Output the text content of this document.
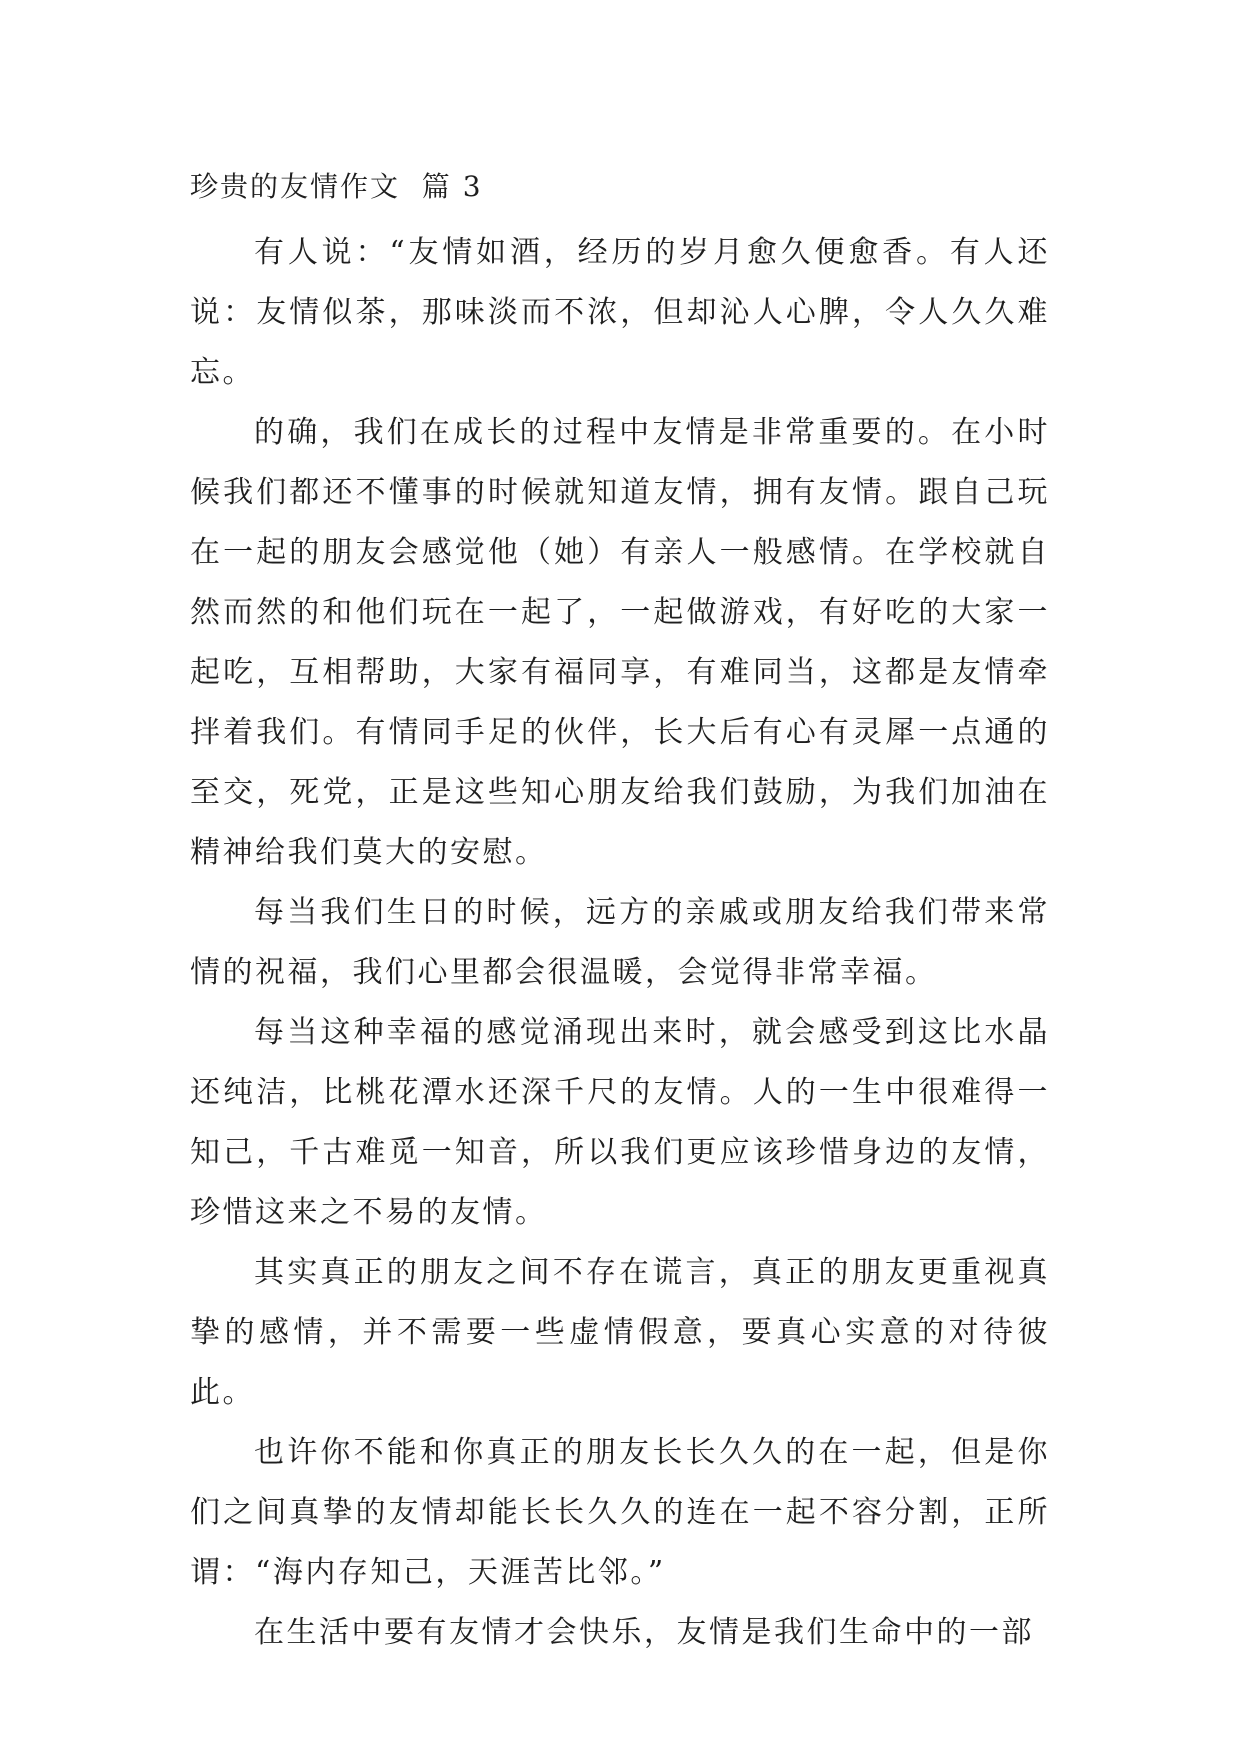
珍贵的友情作文  篇 3

有人说：“友情如酒，经历的岁月愈久便愈香。有人还说：友情似茶，那味淡而不浓，但却沁人心脾，令人久久难忘。

的确，我们在成长的过程中友情是非常重要的。在小时候我们都还不懂事的时候就知道友情，拥有友情。跟自己玩在一起的朋友会感觉他（她）有亲人一般感情。在学校就自然而然的和他们玩在一起了，一起做游戏，有好吃的大家一起吃，互相帮助，大家有福同享，有难同当，这都是友情牵拌着我们。有情同手足的伙伴，长大后有心有灵犀一点通的至交，死党，正是这些知心朋友给我们鼓励，为我们加油在精神给我们莫大的安慰。

每当我们生日的时候，远方的亲戚或朋友给我们带来常情的祝福，我们心里都会很温暖，会觉得非常幸福。

每当这种幸福的感觉涌现出来时，就会感受到这比水晶还纯洁，比桃花潭水还深千尺的友情。人的一生中很难得一知己，千古难觅一知音，所以我们更应该珍惜身边的友情，珍惜这来之不易的友情。

其实真正的朋友之间不存在谎言，真正的朋友更重视真挚的感情，并不需要一些虚情假意，要真心实意的对待彼此。

也许你不能和你真正的朋友长长久久的在一起，但是你们之间真挚的友情却能长长久久的连在一起不容分割，正所谓：“海内存知己，天涯苦比邻。”

在生活中要有友情才会快乐，友情是我们生命中的一部
